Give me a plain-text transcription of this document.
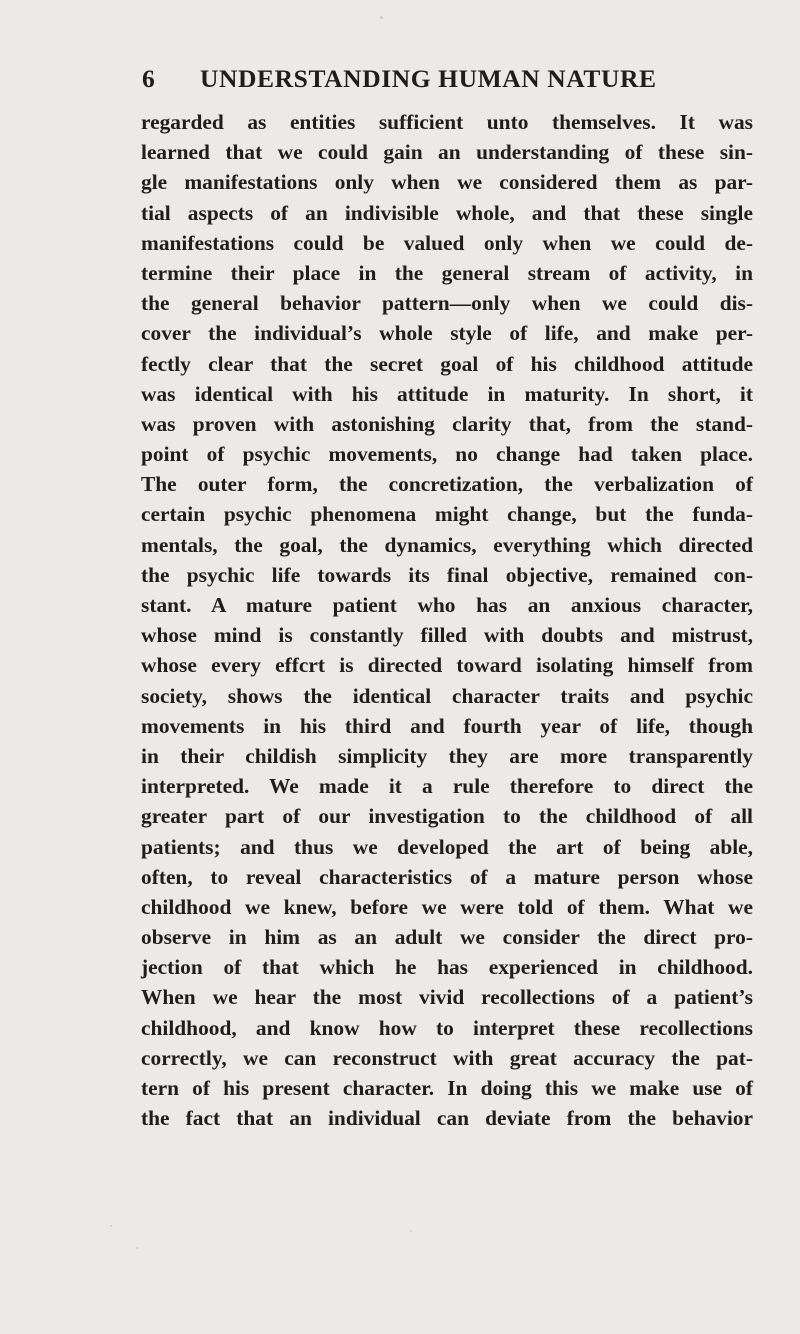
6 UNDERSTANDING HUMAN NATURE
regarded as entities sufficient unto themselves. It was
learned that we could gain an understanding of these sin-
gle manifestations only when we considered them as par-
tial aspects of an indivisible whole, and that these single
manifestations could be valued only when we could de-
termine their place in the general stream of activity, in
the general behavior pattern—only when we could dis-
cover the individual’s whole style of life, and make per-
fectly clear that the secret goal of his childhood attitude
was identical with his attitude in maturity. In short, it
was proven with astonishing clarity that, from the stand-
point of psychic movements, no change had taken place.
The outer form, the concretization, the verbalization of
certain psychic phenomena might change, but the funda-
mentals, the goal, the dynamics, everything which directed
the psychic life towards its final objective, remained con-
stant. A mature patient who has an anxious character,
whose mind is constantly filled with doubts and mistrust,
whose every effcrt is directed toward isolating himself from
society, shows the identical character traits and psychic
movements in his third and fourth year of life, though
in their childish simplicity they are more transparently
interpreted. We made it a rule therefore to direct the
greater part of our investigation to the childhood of all
patients; and thus we developed the art of being able,
often, to reveal characteristics of a mature person whose
childhood we knew, before we were told of them. What we
observe in him as an adult we consider the direct pro-
jection of that which he has experienced in childhood.
When we hear the most vivid recollections of a patient’s
childhood, and know how to interpret these recollections
correctly, we can reconstruct with great accuracy the pat-
tern of his present character. In doing this we make use of
the fact that an individual can deviate from the behavior
